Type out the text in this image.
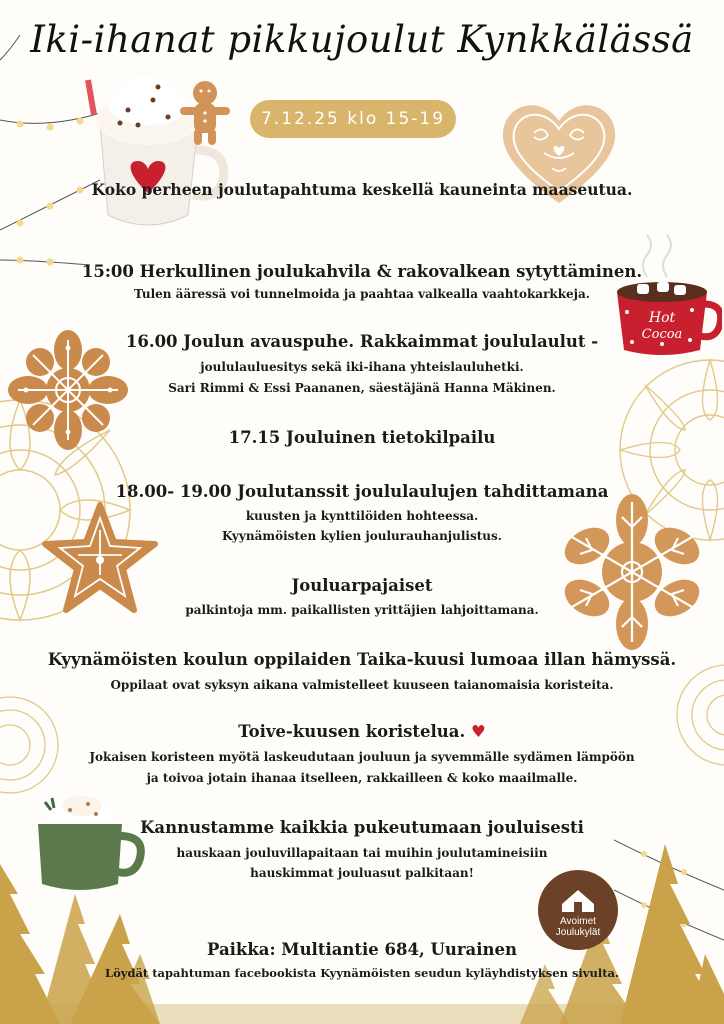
Hot
Cocoa
Avoimet
Joulukylät
Iki-ihanat pikkujoulut Kynkkälässä
7.12.25 klo 15-19
Koko perheen joulutapahtuma keskellä kauneinta maaseutua.
15:00 Herkullinen joulukahvila & rakovalkean sytyttäminen.
Tulen ääressä voi tunnelmoida ja paahtaa valkealla vaahtokarkkeja.
16.00 Joulun avauspuhe. Rakkaimmat joululaulut -
joululauluesitys sekä iki-ihana yhteislauluhetki.
Sari Rimmi & Essi Paananen, säestäjänä Hanna Mäkinen.
17.15 Jouluinen tietokilpailu
18.00- 19.00 Joulutanssit joululaulujen tahdittamana
kuusten ja kynttilöiden hohteessa.
Kyynämöisten kylien joulurauhanjulistus.
Jouluarpajaiset
palkintoja mm. paikallisten yrittäjien lahjoittamana.
Kyynämöisten koulun oppilaiden Taika-kuusi lumoaa illan hämyssä.
Oppilaat ovat syksyn aikana valmistelleet kuuseen taianomaisia koristeita.
Toive-kuusen koristelua. ♥
Jokaisen koristeen myötä laskeudutaan jouluun ja syvemmälle sydämen lämpöön
ja toivoa jotain ihanaa itselleen, rakkailleen & koko maailmalle.
Kannustamme kaikkia pukeutumaan jouluisesti
hauskaan jouluvillapaitaan tai muihin joulutamineisiin
hauskimmat jouluasut palkitaan!
Paikka: Multiantie 684, Uurainen
Löydät tapahtuman facebookista Kyynämöisten seudun kyläyhdistyksen sivulta.
